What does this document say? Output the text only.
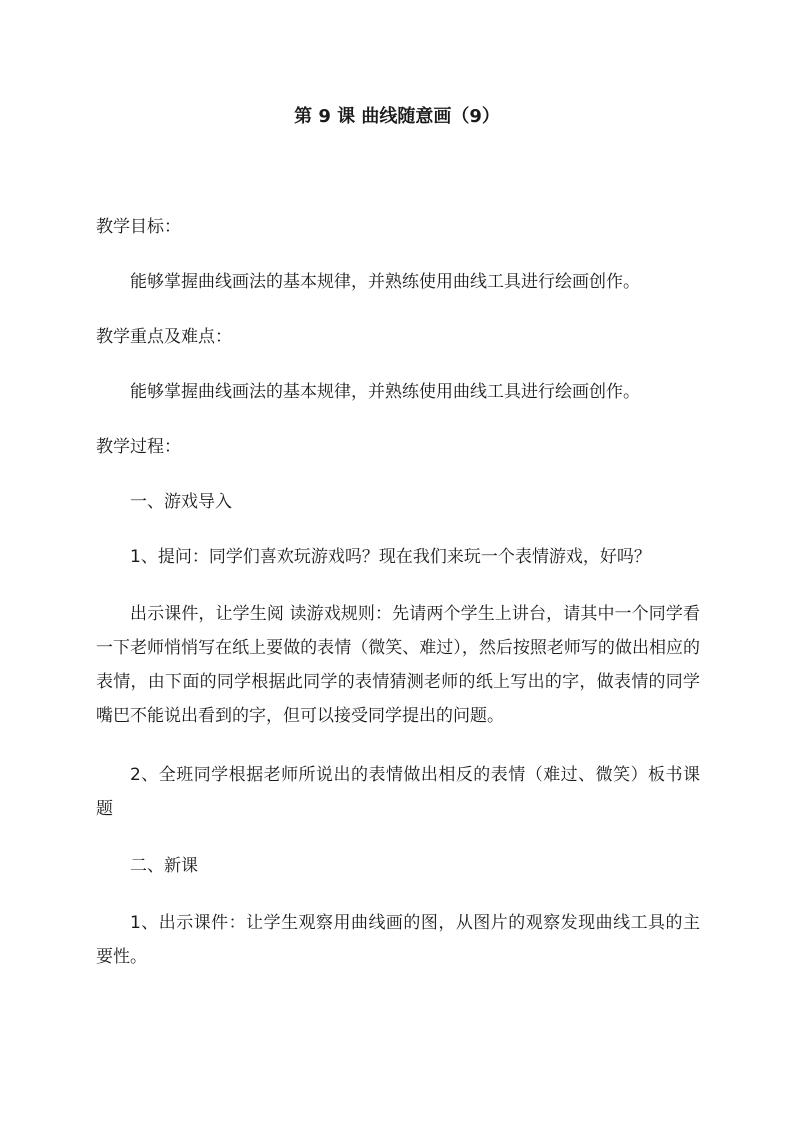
第 9 课 曲线随意画（9）

教学目标：

能够掌握曲线画法的基本规律，并熟练使用曲线工具进行绘画创作。

教学重点及难点：

能够掌握曲线画法的基本规律，并熟练使用曲线工具进行绘画创作。

教学过程：

一、游戏导入

1、提问：同学们喜欢玩游戏吗？现在我们来玩一个表情游戏，好吗？

出示课件，让学生阅 读游戏规则：先请两个学生上讲台，请其中一个同学看一下老师悄悄写在纸上要做的表情（微笑、难过），然后按照老师写的做出相应的表情，由下面的同学根据此同学的表情猜测老师的纸上写出的字，做表情的同学嘴巴不能说出看到的字，但可以接受同学提出的问题。

2、全班同学根据老师所说出的表情做出相反的表情（难过、微笑）板书课题

二、新课

1、出示课件：让学生观察用曲线画的图，从图片的观察发现曲线工具的主要性。
